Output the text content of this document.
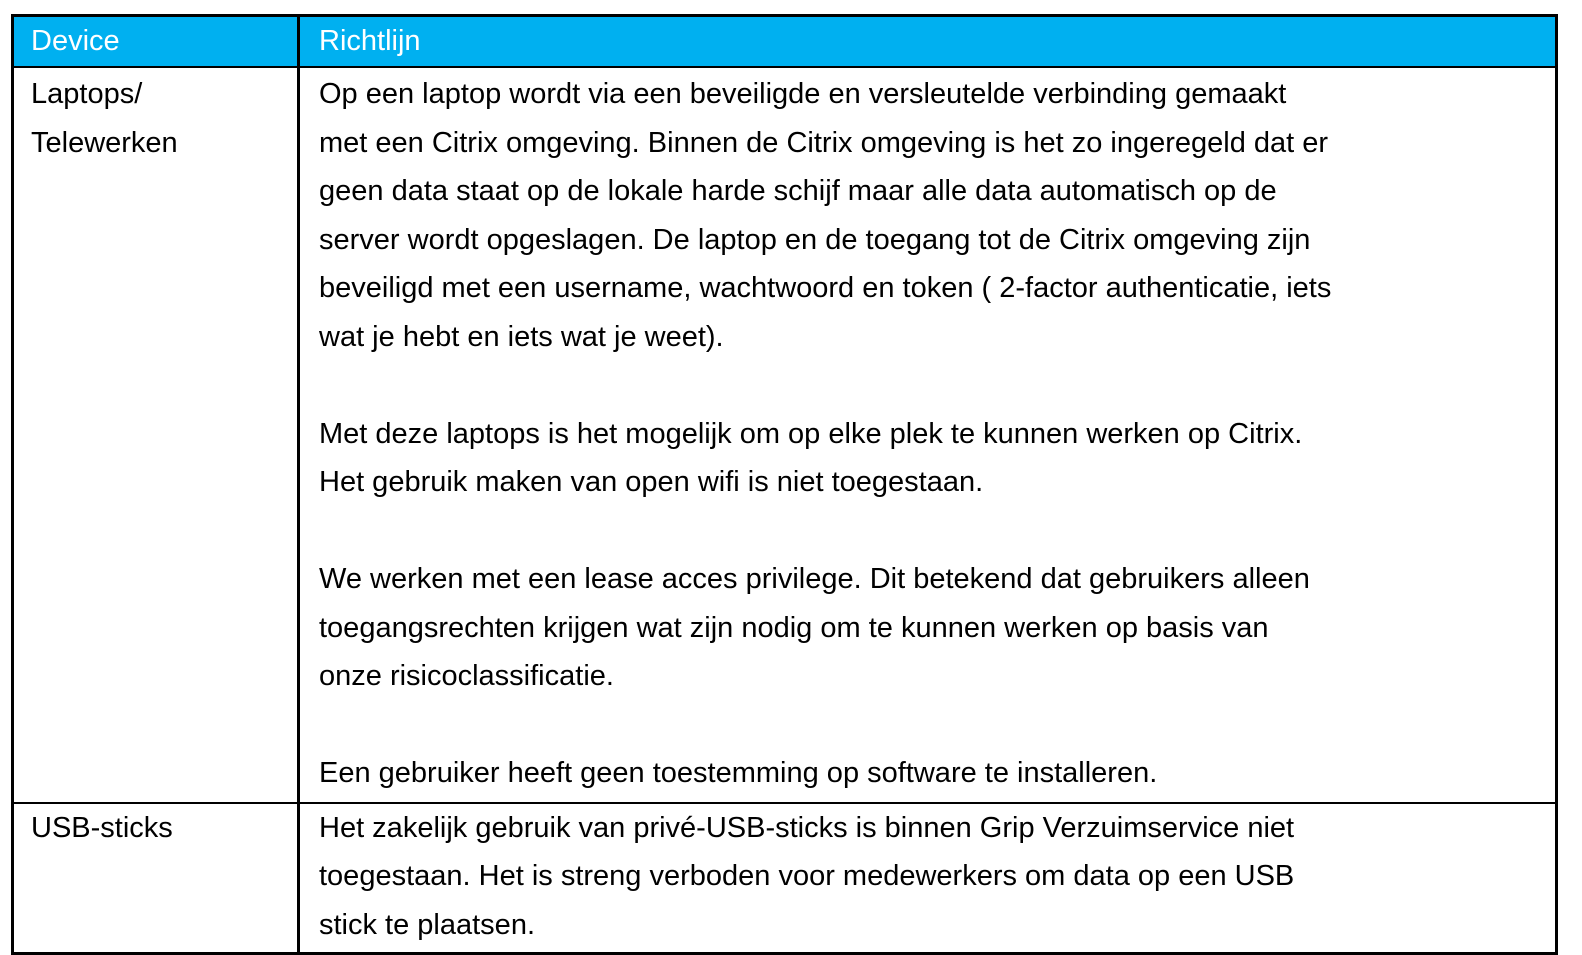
Device	Richtlijn
Laptops/
Telewerken

Op een laptop wordt via een beveiligde en versleutelde verbinding gemaakt
met een Citrix omgeving. Binnen de Citrix omgeving is het zo ingeregeld dat er
geen data staat op de lokale harde schijf maar alle data automatisch op de
server wordt opgeslagen. De laptop en de toegang tot de Citrix omgeving zijn
beveiligd met een username, wachtwoord en token ( 2-factor authenticatie, iets
wat je hebt en iets wat je weet).

Met deze laptops is het mogelijk om op elke plek te kunnen werken op Citrix.
Het gebruik maken van open wifi is niet toegestaan.

We werken met een lease acces privilege. Dit betekend dat gebruikers alleen
toegangsrechten krijgen wat zijn nodig om te kunnen werken op basis van
onze risicoclassificatie.

Een gebruiker heeft geen toestemming op software te installeren.

USB-sticks	Het zakelijk gebruik van privé-USB-sticks is binnen Grip Verzuimservice niet
toegestaan. Het is streng verboden voor medewerkers om data op een USB
stick te plaatsen.
